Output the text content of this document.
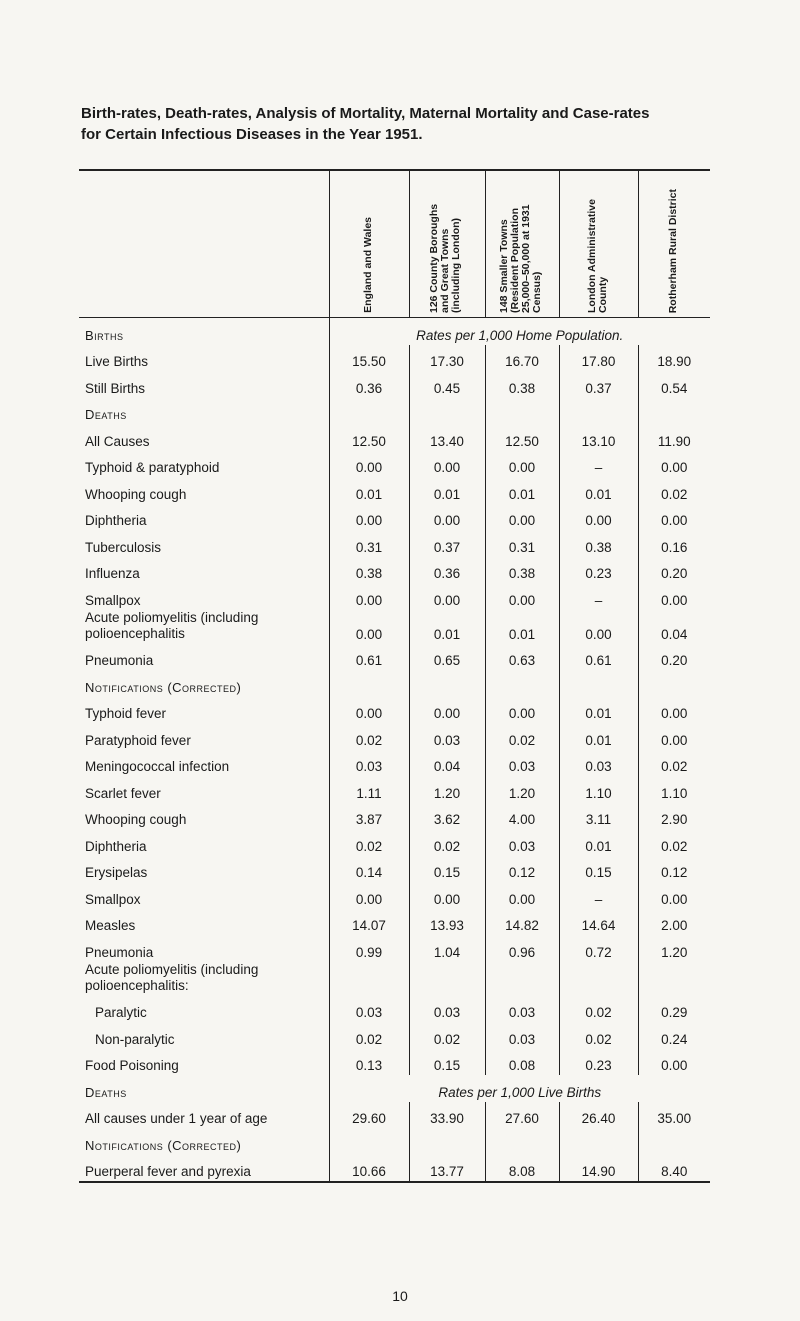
Birth-rates, Death-rates, Analysis of Mortality, Maternal Mortality and Case-rates
for Certain Infectious Diseases in the Year 1951.

	England and Wales	126 County Boroughs and Great Towns (including London)	148 Smaller Towns (Resident Population 25,000–50,000 at 1931 Census)	London Administrative County	Rotherham Rural District

Births	Rates per 1,000 Home Population.				
Live Births	15.50	17.30	16.70	17.80	18.90
Still Births	0.36	0.45	0.38	0.37	0.54
Deaths					
All Causes	12.50	13.40	12.50	13.10	11.90
Typhoid & paratyphoid	0.00	0.00	0.00	–	0.00
Whooping cough	0.01	0.01	0.01	0.01	0.02
Diphtheria	0.00	0.00	0.00	0.00	0.00
Tuberculosis	0.31	0.37	0.31	0.38	0.16
Influenza	0.38	0.36	0.38	0.23	0.20
Smallpox	0.00	0.00	0.00	–	0.00
Acute poliomyelitis (including polioencephalitis	0.00	0.01	0.01	0.00	0.04
Pneumonia	0.61	0.65	0.63	0.61	0.20
Notifications (Corrected)					
Typhoid fever	0.00	0.00	0.00	0.01	0.00
Paratyphoid fever	0.02	0.03	0.02	0.01	0.00
Meningococcal infection	0.03	0.04	0.03	0.03	0.02
Scarlet fever	1.11	1.20	1.20	1.10	1.10
Whooping cough	3.87	3.62	4.00	3.11	2.90
Diphtheria	0.02	0.02	0.03	0.01	0.02
Erysipelas	0.14	0.15	0.12	0.15	0.12
Smallpox	0.00	0.00	0.00	–	0.00
Measles	14.07	13.93	14.82	14.64	2.00
Pneumonia	0.99	1.04	0.96	0.72	1.20
Acute poliomyelitis (including polioencephalitis:					
Paralytic	0.03	0.03	0.03	0.02	0.29
Non-paralytic	0.02	0.02	0.03	0.02	0.24
Food Poisoning	0.13	0.15	0.08	0.23	0.00
Deaths	Rates per 1,000 Live Births				
All causes under 1 year of age	29.60	33.90	27.60	26.40	35.00
Notifications (Corrected)					
Puerperal fever and pyrexia	10.66	13.77	8.08	14.90	8.40
10
